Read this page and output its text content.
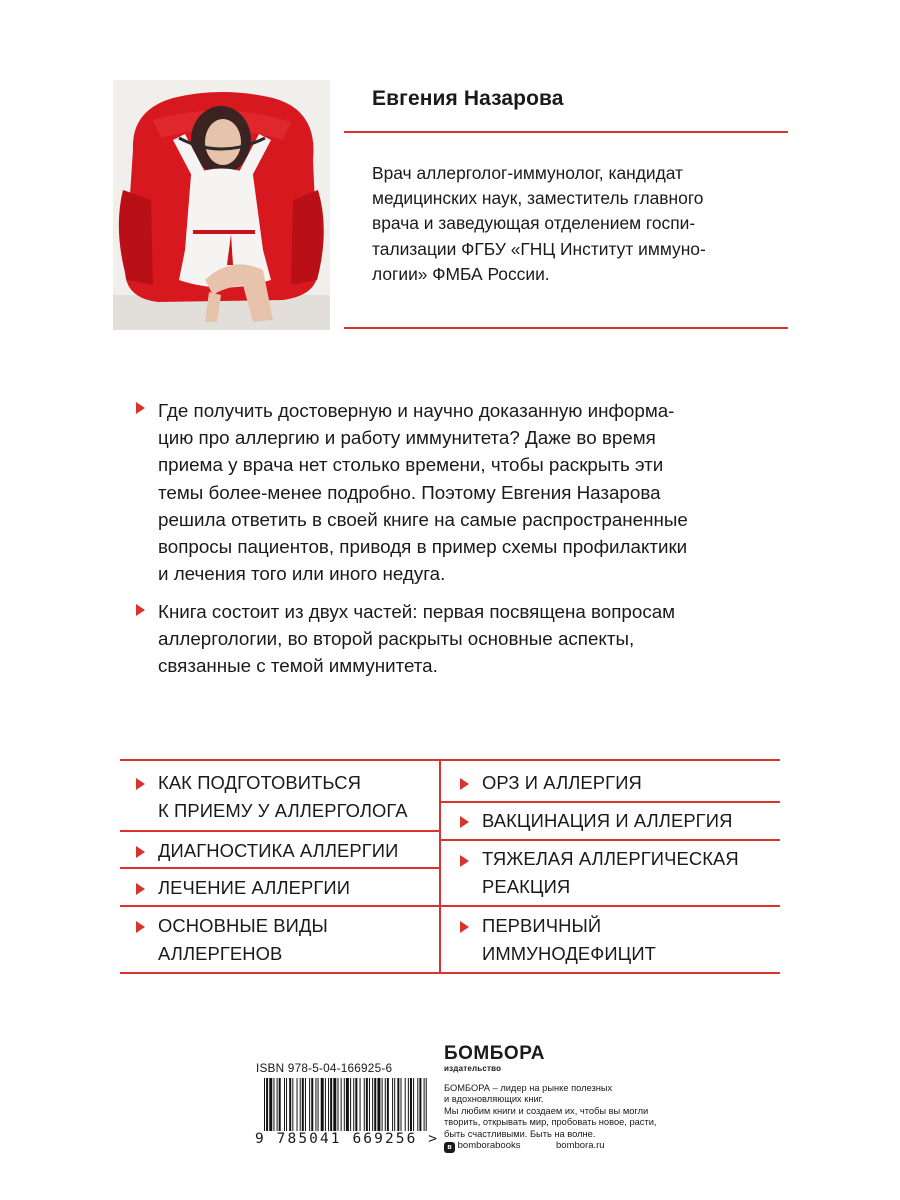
Евгения Назарова
Врач аллерголог-иммунолог, кандидат
медицинских наук, заместитель главного
врача и заведующая отделением госпи-
тализации ФГБУ «ГНЦ Институт иммуно-
логии» ФМБА России.
Где получить достоверную и научно доказанную информа-
цию про аллергию и работу иммунитета? Даже во время
приема у врача нет столько времени, чтобы раскрыть эти
темы более-менее подробно. Поэтому Евгения Назарова
решила ответить в своей книге на самые распространенные
вопросы пациентов, приводя в пример схемы профилактики
и лечения того или иного недуга.
Книга состоит из двух частей: первая посвящена вопросам
аллергологии, во второй раскрыты основные аспекты,
связанные с темой иммунитета.
КАК ПОДГОТОВИТЬСЯ
К ПРИЕМУ У АЛЛЕРГОЛОГА
ДИАГНОСТИКА АЛЛЕРГИИ
ЛЕЧЕНИЕ АЛЛЕРГИИ
ОСНОВНЫЕ ВИДЫ
АЛЛЕРГЕНОВ
ОРЗ И АЛЛЕРГИЯ
ВАКЦИНАЦИЯ И АЛЛЕРГИЯ
ТЯЖЕЛАЯ АЛЛЕРГИЧЕСКАЯ
РЕАКЦИЯ
ПЕРВИЧНЫЙ
ИММУНОДЕФИЦИТ
ISBN 978-5-04-166925-6
9 785041 669256 >
БОМБОРА
издательство
БОМБОРА – лидер на рынке полезных
и вдохновляющих книг.
Мы любим книги и создаем их, чтобы вы могли
творить, открывать мир, пробовать новое, расти,
быть счастливыми. Быть на волне.
в bomborabooks	bombora.ru
